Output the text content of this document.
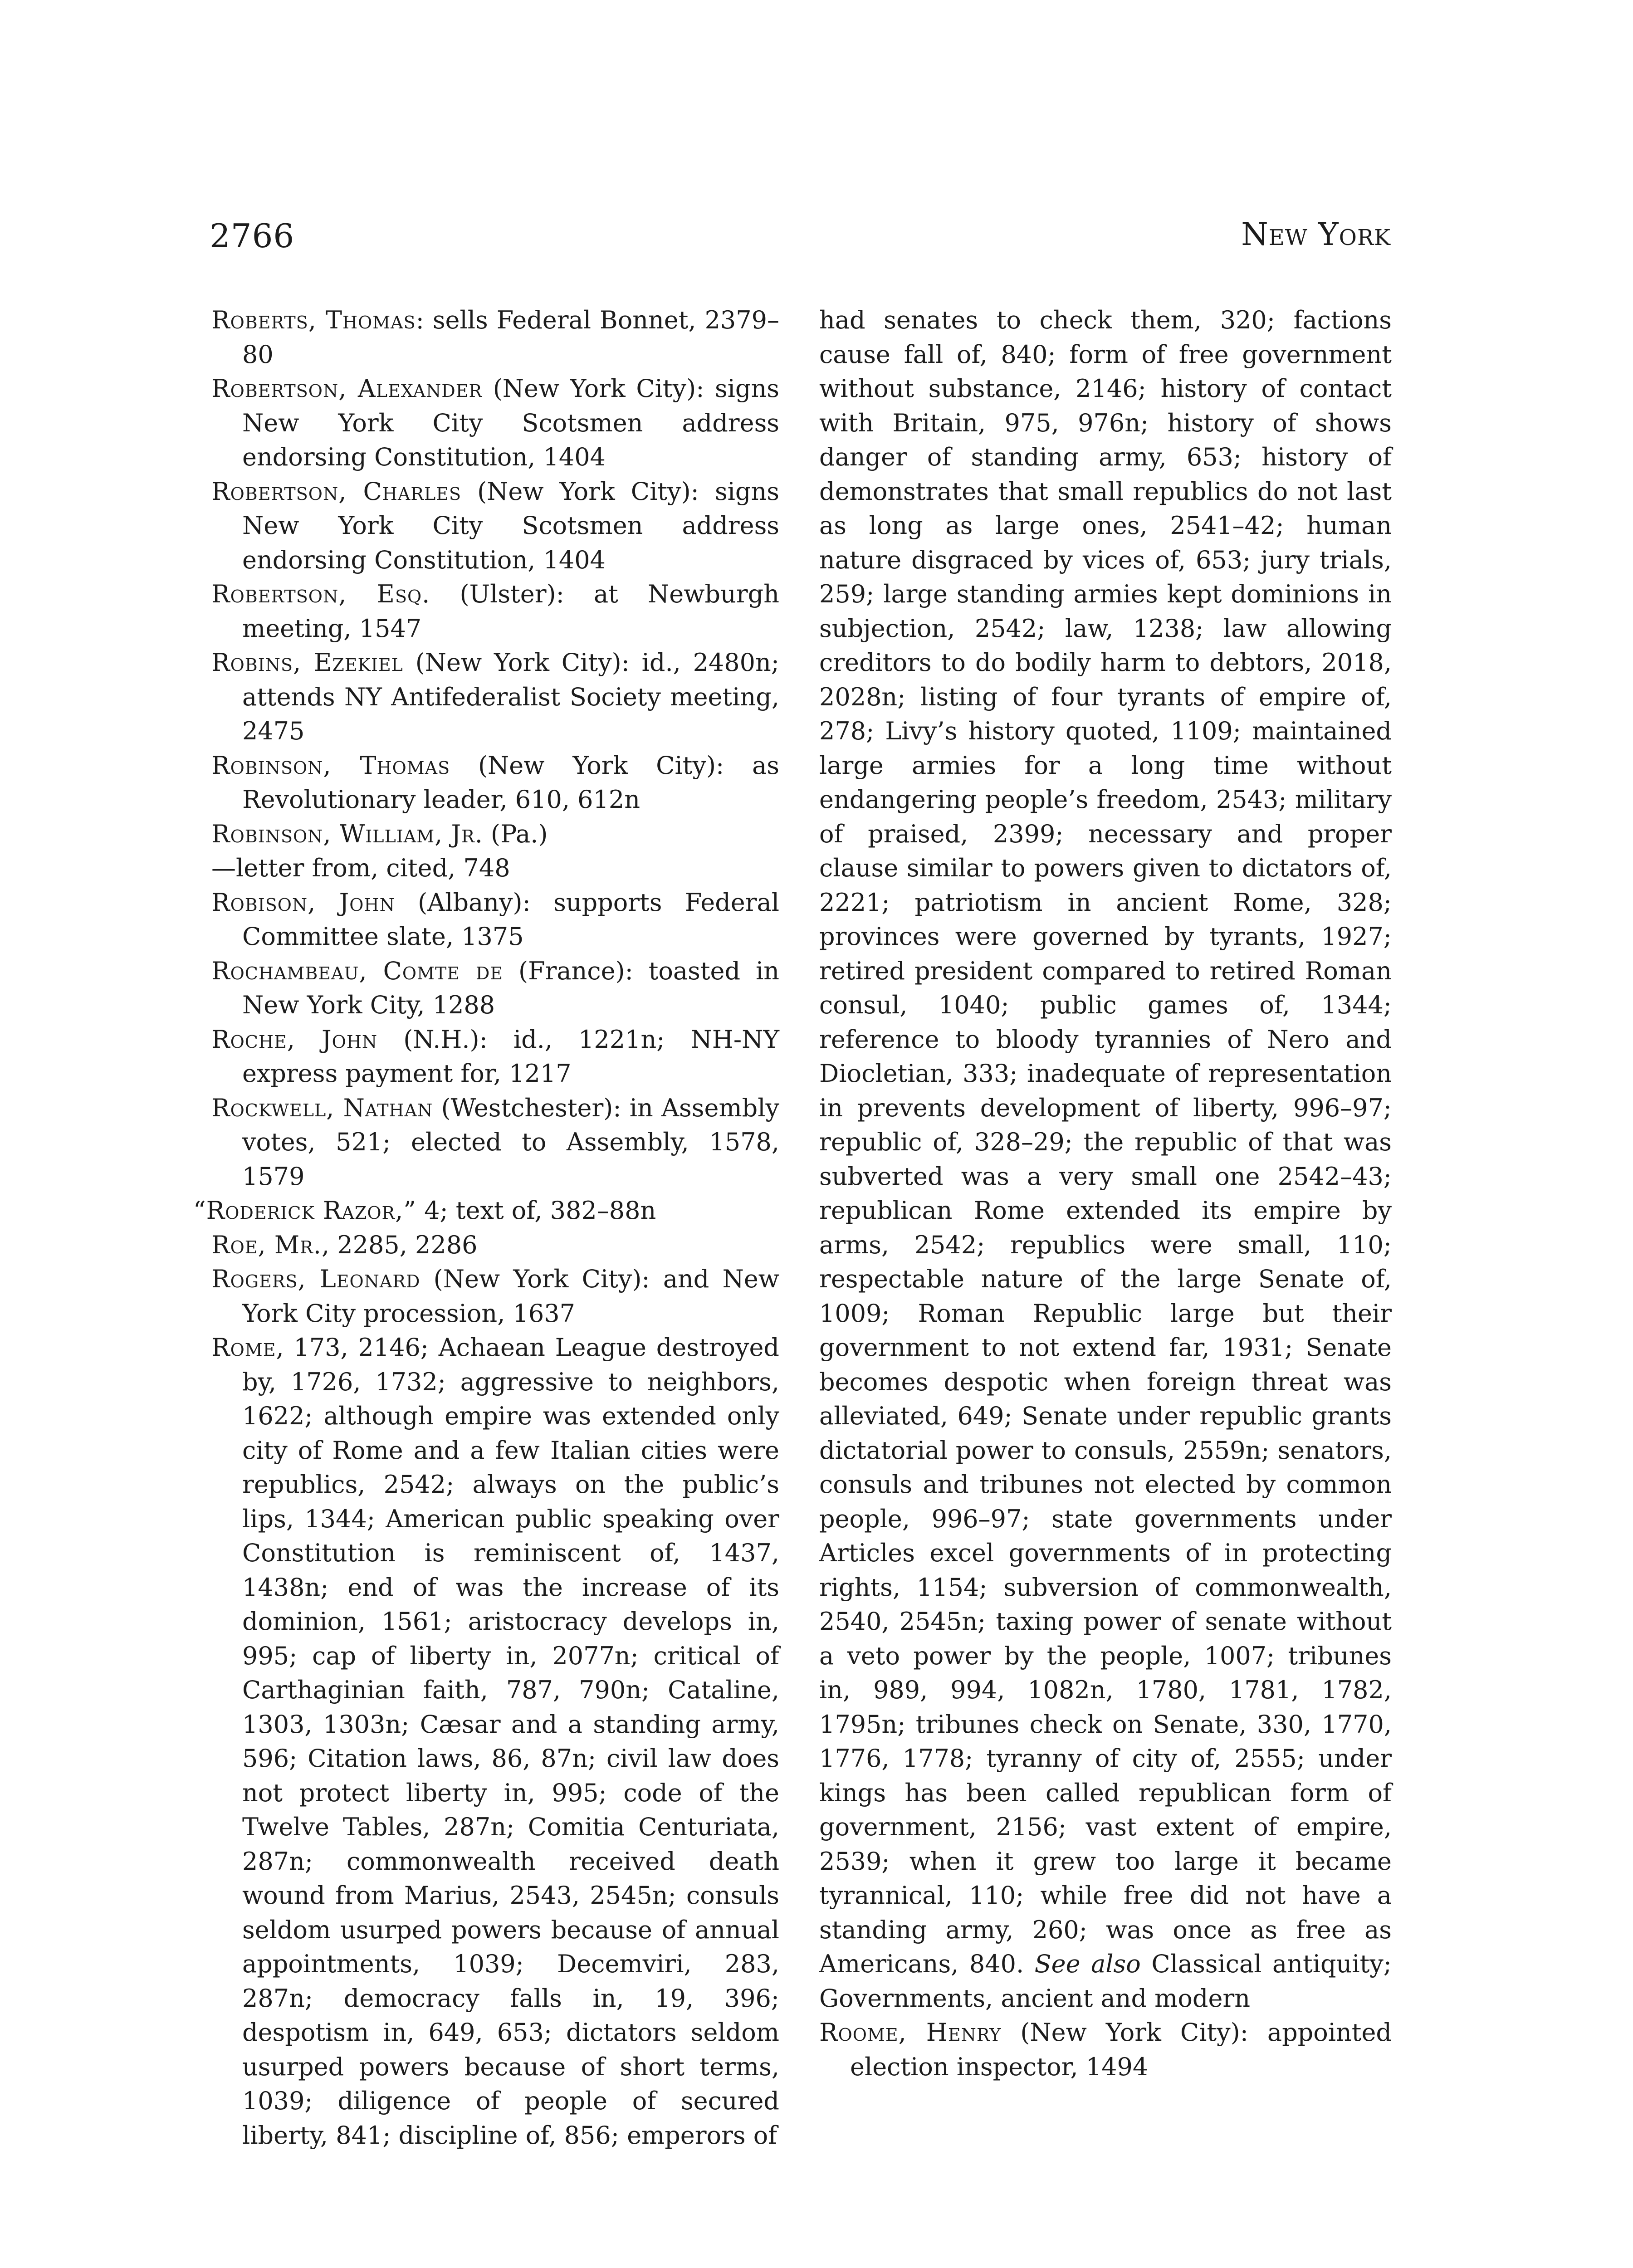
2766	New York

Roberts, Thomas: sells Federal Bonnet, 2379–80

Robertson, Alexander (New York City): signs New York City Scotsmen address endorsing Constitution, 1404

Robertson, Charles (New York City): signs New York City Scotsmen address endorsing Constitution, 1404

Robertson, Esq. (Ulster): at Newburgh meeting, 1547

Robins, Ezekiel (New York City): id., 2480n; attends NY Antifederalist Society meeting, 2475

Robinson, Thomas (New York City): as Revolutionary leader, 610, 612n

Robinson, William, Jr. (Pa.)

—letter from, cited, 748

Robison, John (Albany): supports Federal Committee slate, 1375

Rochambeau, Comte de (France): toasted in New York City, 1288

Roche, John (N.H.): id., 1221n; NH-NY express payment for, 1217

Rockwell, Nathan (Westchester): in Assembly votes, 521; elected to Assembly, 1578, 1579

“Roderick Razor,” 4; text of, 382–88n

Roe, Mr., 2285, 2286

Rogers, Leonard (New York City): and New York City procession, 1637

Rome, 173, 2146; Achaean League destroyed by, 1726, 1732; aggressive to neighbors, 1622; although empire was extended only city of Rome and a few Italian cities were republics, 2542; always on the public’s lips, 1344; American public speaking over Constitution is reminiscent of, 1437, 1438n; end of was the increase of its dominion, 1561; aristocracy develops in, 995; cap of liberty in, 2077n; critical of Carthaginian faith, 787, 790n; Cataline, 1303, 1303n; Cæsar and a standing army, 596; Citation laws, 86, 87n; civil law does not protect liberty in, 995; code of the Twelve Tables, 287n; Comitia Centuriata, 287n; commonwealth received death wound from Marius, 2543, 2545n; consuls seldom usurped powers because of annual appointments, 1039; Decemviri, 283, 287n; democracy falls in, 19, 396; despotism in, 649, 653; dictators seldom usurped powers because of short terms, 1039; diligence of people of secured liberty, 841; discipline of, 856; emperors of

had senates to check them, 320; factions cause fall of, 840; form of free government without substance, 2146; history of contact with Britain, 975, 976n; history of shows danger of standing army, 653; history of demonstrates that small republics do not last as long as large ones, 2541–42; human nature disgraced by vices of, 653; jury trials, 259; large standing armies kept dominions in subjection, 2542; law, 1238; law allowing creditors to do bodily harm to debtors, 2018, 2028n; listing of four tyrants of empire of, 278; Livy’s history quoted, 1109; maintained large armies for a long time without endangering people’s freedom, 2543; military of praised, 2399; necessary and proper clause similar to powers given to dictators of, 2221; patriotism in ancient Rome, 328; provinces were governed by tyrants, 1927; retired president compared to retired Roman consul, 1040; public games of, 1344; reference to bloody tyrannies of Nero and Diocletian, 333; inadequate of representation in prevents development of liberty, 996–97; republic of, 328–29; the republic of that was subverted was a very small one 2542–43; republican Rome extended its empire by arms, 2542; republics were small, 110; respectable nature of the large Senate of, 1009; Roman Republic large but their government to not extend far, 1931; Senate becomes despotic when foreign threat was alleviated, 649; Senate under republic grants dictatorial power to consuls, 2559n; senators, consuls and tribunes not elected by common people, 996–97; state governments under Articles excel governments of in protecting rights, 1154; subversion of commonwealth, 2540, 2545n; taxing power of senate without a veto power by the people, 1007; tribunes in, 989, 994, 1082n, 1780, 1781, 1782, 1795n; tribunes check on Senate, 330, 1770, 1776, 1778; tyranny of city of, 2555; under kings has been called republican form of government, 2156; vast extent of empire, 2539; when it grew too large it became tyrannical, 110; while free did not have a standing army, 260; was once as free as Americans, 840. See also Classical antiquity; Governments, ancient and modern

Roome, Henry (New York City): appointed election inspector, 1494
